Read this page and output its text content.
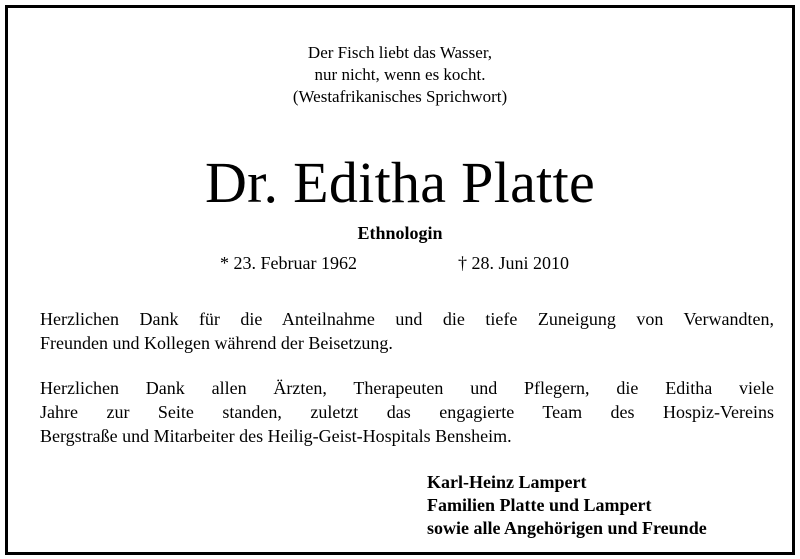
Der Fisch liebt das Wasser,
nur nicht, wenn es kocht.
(Westafrikanisches Sprichwort)
Dr. Editha Platte
Ethnologin
* 23. Februar 1962	† 28. Juni 2010
Herzlichen Dank für die Anteilnahme und die tiefe Zuneigung von Verwandten,
Freunden und Kollegen während der Beisetzung.
Herzlichen Dank allen Ärzten, Therapeuten und Pflegern, die Editha viele
Jahre zur Seite standen, zuletzt das engagierte Team des Hospiz-Vereins
Bergstraße und Mitarbeiter des Heilig-Geist-Hospitals Bensheim.
Karl-Heinz Lampert
Familien Platte und Lampert
sowie alle Angehörigen und Freunde
